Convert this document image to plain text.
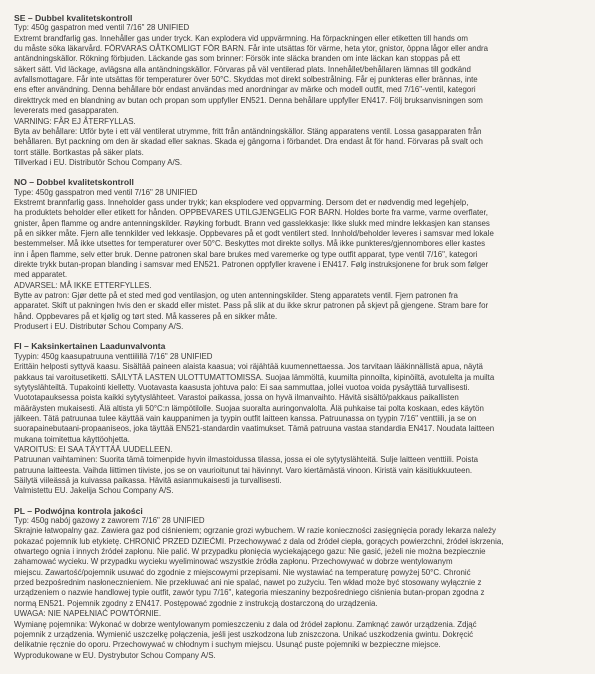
SE – Dubbel kvalitetskontroll

Typ: 450g gaspatron med ventil 7/16" 28 UNIFIED

Extremt brandfarlig gas. Innehåller gas under tryck. Kan explodera vid uppvärmning. Ha förpackningen eller etiketten till hands om

du måste söka läkarvård. FÖRVARAS OÅTKOMLIGT FÖR BARN. Får inte utsättas för värme, heta ytor, gnistor, öppna lågor eller andra

antändningskällor. Rökning förbjuden. Läckande gas som brinner: Försök inte släcka branden om inte läckan kan stoppas på ett

säkert sätt. Vid läckage, avlägsna alla antändningskällor. Förvaras på väl ventilerad plats. Innehållet/behållaren lämnas till godkänd

avfallsmottagare. Får inte utsättas för temperaturer över 50°C. Skyddas mot direkt solbestrålning. Får ej punkteras eller brännas, inte

ens efter användning. Denna behållare bör endast användas med anordningar av märke och modell outfit, med 7/16"-ventil, kategori

direkttryck med en blandning av butan och propan som uppfyller EN521. Denna behållare uppfyller EN417. Följ bruksanvisningen som

levererats med gasapparaten.

VARNING: FÅR EJ ÅTERFYLLAS.

Byta av behållare: Utför byte i ett väl ventilerat utrymme, fritt från antändningskällor. Stäng apparatens ventil. Lossa gasapparaten från

behållaren. Byt packning om den är skadad eller saknas. Skada ej gängorna i förbandet. Dra endast åt för hand. Förvaras på svalt och

torrt ställe. Bortkastas på säker plats.

Tillverkad i EU. Distributör Schou Company A/S.

NO – Dobbel kvalitetskontroll

Type: 450g gasspatron med ventil 7/16" 28 UNIFIED

Ekstremt brannfarlig gass. Inneholder gass under trykk; kan eksplodere ved oppvarming. Dersom det er nødvendig med legehjelp,

ha produktets beholder eller etikett for hånden. OPPBEVARES UTILGJENGELIG FOR BARN. Holdes borte fra varme, varme overflater,

gnister, åpen flamme og andre antenningskilder. Røyking forbudt. Brann ved gasslekkasje: Ikke slukk med mindre lekkasjen kan stanses

på en sikker måte. Fjern alle tennkilder ved lekkasje. Oppbevares på et godt ventilert sted. Innhold/beholder leveres i samsvar med lokale

bestemmelser. Må ikke utsettes for temperaturer over 50°C. Beskyttes mot direkte sollys. Må ikke punkteres/gjennombores eller kastes

inn i åpen flamme, selv etter bruk. Denne patronen skal bare brukes med varemerke og type outfit apparat, type ventil 7/16", kategori

direkte trykk butan-propan blanding i samsvar med EN521. Patronen oppfyller kravene i EN417. Følg instruksjonene for bruk som følger

med apparatet.

ADVARSEL: MÅ IKKE ETTERFYLLES.

Bytte av patron: Gjør dette på et sted med god ventilasjon, og uten antenningskilder. Steng apparatets ventil. Fjern patronen fra

apparatet. Skift ut pakningen hvis den er skadd eller mistet. Pass på slik at du ikke skrur patronen på skjevt på gjengene. Stram bare for

hånd. Oppbevares på et kjølig og tørt sted. Må kasseres på en sikker måte.

Produsert i EU. Distributør Schou Company A/S.

FI – Kaksinkertainen Laadunvalvonta

Tyypin: 450g kaasupatruuna venttiilillä 7/16" 28 UNIFIED

Erittäin helposti syttyvä kaasu. Sisältää paineen alaista kaasua; voi räjähtää kuumennettaessa. Jos tarvitaan lääkinnällistä apua, näytä

pakkaus tai varoitusetiketti. SÄILYTÄ LASTEN ULOTTUMATTOMISSA. Suojaa lämmöltä, kuumilta pinnoilta, kipinöiltä, avotulelta ja muilta

sytytyslähteiltä. Tupakointi kielletty. Vuotavasta kaasusta johtuva palo: Ei saa sammuttaa, jollei vuotoa voida pysäyttää turvallisesti.

Vuototapauksessa poista kaikki sytytyslähteet. Varastoi paikassa, jossa on hyvä ilmanvaihto. Hävitä sisältö/pakkaus paikallisten

määräysten mukaisesti. Älä altista yli 50°C:n lämpötilolle. Suojaa suoralta auringonvalolta. Älä puhkaise tai polta koskaan, edes käytön

jälkeen. Tätä patruunaa tulee käyttää vain kauppanimen ja tyypin outfit laitteen kanssa. Patruunassa on tyypin 7/16" venttiili, ja se on

suorapainebutaani-propaaniseos, joka täyttää EN521-standardin vaatimukset. Tämä patruuna vastaa standardia EN417. Noudata laitteen

mukana toimitettua käyttöohjetta.

VAROITUS: EI SAA TÄYTTÄÄ UUDELLEEN.

Patruunan vaihtaminen: Suorita tämä toimenpide hyvin ilmastoidussa tilassa, jossa ei ole sytytyslähteitä. Sulje laitteen venttiili. Poista

patruuna laitteesta. Vaihda liittimen tiiviste, jos se on vaurioitunut tai hävinnyt. Varo kiertämästä vinoon. Kiristä vain käsitiukkuuteen.

Säilytä viileässä ja kuivassa paikassa. Hävitä asianmukaisesti ja turvallisesti.

Valmistettu EU. Jakelija Schou Company A/S.

PL – Podwójna kontrola jakości

Typ: 450g nabój gazowy z zaworem 7/16" 28 UNIFIED

Skrajnie łatwopalny gaz. Zawiera gaz pod ciśnieniem; ogrzanie grozi wybuchem. W razie konieczności zasięgnięcia porady lekarza należy

pokazać pojemnik lub etykietę. CHRONIĆ PRZED DZIEĆMI. Przechowywać z dala od źródeł ciepła, gorących powierzchni, źródeł iskrzenia,

otwartego ognia i innych źródeł zapłonu. Nie palić. W przypadku płonięcia wyciekającego gazu: Nie gasić, jeżeli nie można bezpiecznie

zahamować wycieku. W przypadku wycieku wyeliminować wszystkie źródła zapłonu. Przechowywać w dobrze wentylowanym

miejscu. Zawartość/pojemnik usuwać do zgodnie z miejscowymi przepisami. Nie wystawiać na temperaturę powyżej 50°C. Chronić

przed bezpośrednim nasłonecznieniem. Nie przekłuwać ani nie spalać, nawet po zużyciu. Ten wkład może być stosowany wyłącznie z

urządzeniem o nazwie handlowej typie outfit, zawór typu 7/16", kategoria mieszaniny bezpośredniego ciśnienia butan-propan zgodna z

normą EN521. Pojemnik zgodny z EN417. Postępować zgodnie z instrukcją dostarczoną do urządzenia.

UWAGA: NIE NAPEŁNIAĆ POWTÓRNIE.

Wymianę pojemnika: Wykonać w dobrze wentylowanym pomieszczeniu z dala od źródeł zapłonu. Zamknąć zawór urządzenia. Zdjąć

pojemnik z urządzenia. Wymienić uszczelkę połączenia, jeśli jest uszkodzona lub zniszczona. Unikać uszkodzenia gwintu. Dokręcić

delikatnie ręcznie do oporu. Przechowywać w chłodnym i suchym miejscu. Usunąć puste pojemniki w bezpieczne miejsce.

Wyprodukowane w EU. Dystrybutor Schou Company A/S.
